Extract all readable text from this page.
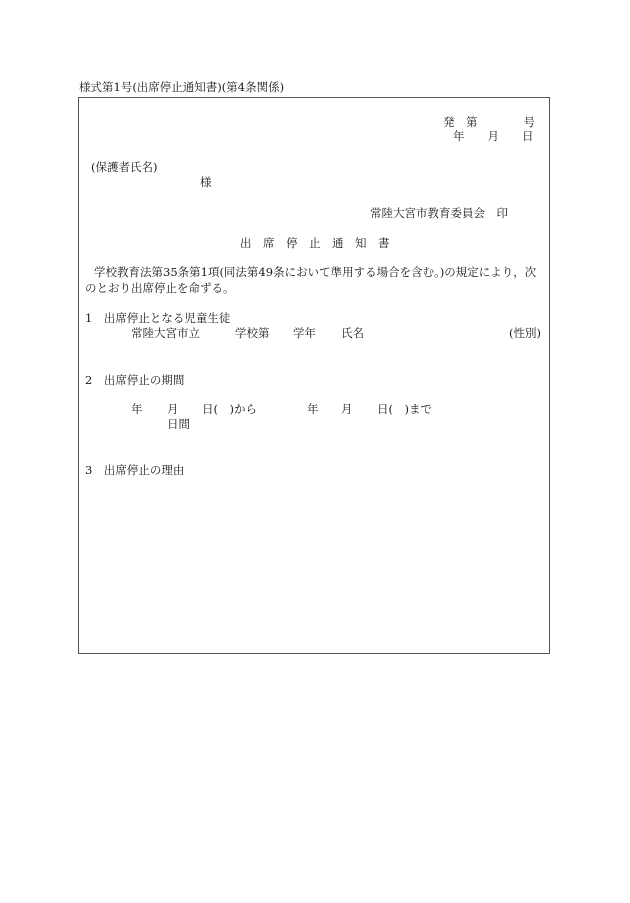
様式第1号(出席停止通知書)(第4条関係)
発　第　　　　号
年　　月　　日
(保護者氏名)
様
常陸大宮市教育委員会　印
出　席　停　止　通　知　書
学校教育法第35条第1項(同法第49条において準用する場合を含む。)の規定により，次
のとおり出席停止を命ずる。
1　出席停止となる児童生徒
常陸大宮市立	学校第 学年 氏名	(性別)
2　出席停止の期間
年 月 日(　)から	年 月 日(　)まで
日間
3　出席停止の理由
